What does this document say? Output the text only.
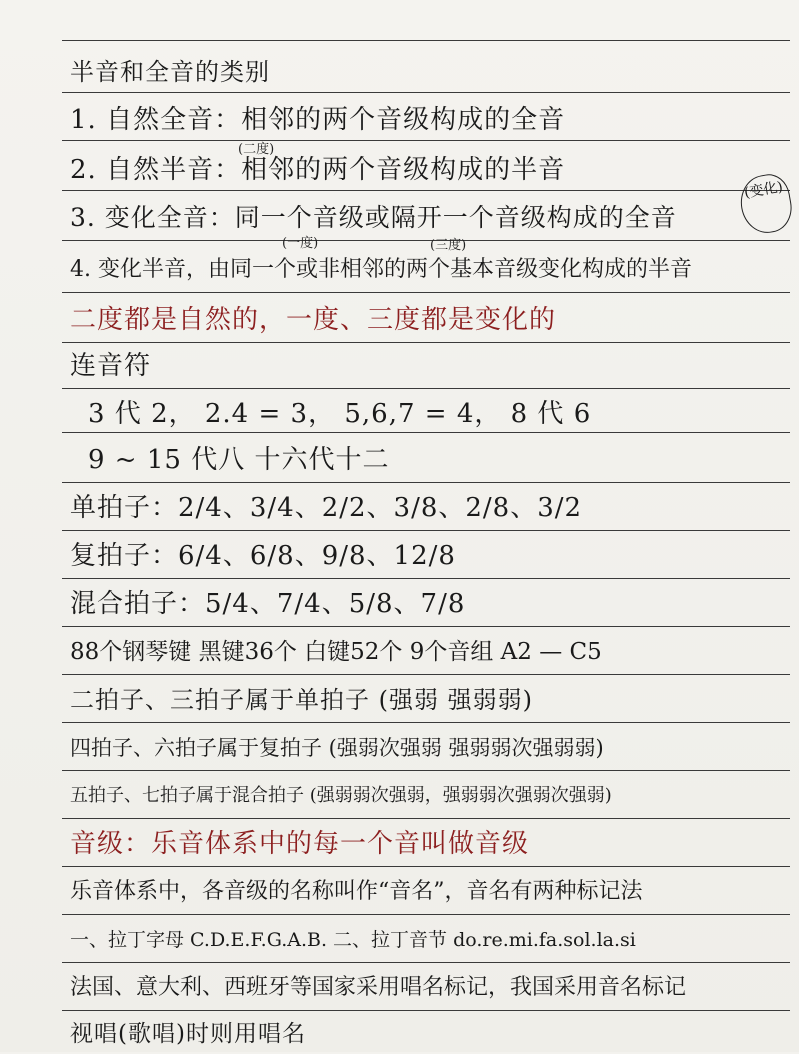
半音和全音的类别
1. 自然全音：相邻的两个音级构成的全音
(二度)
2. 自然半音：相邻的两个音级构成的半音
3. 变化全音：同一个音级或隔开一个音级构成的全音
(变化)
(一度)	(三度)
4. 变化半音，由同一个或非相邻的两个基本音级变化构成的半音
二度都是自然的，一度、三度都是变化的
连音符
3 代 2， 2.4 = 3， 5,6,7 = 4， 8 代 6
9 ~ 15 代八 十六代十二
单拍子：2/4、3/4、2/2、3/8、2/8、3/2
复拍子：6/4、6/8、9/8、12/8
混合拍子：5/4、7/4、5/8、7/8
88个钢琴键 黑键36个 白键52个 9个音组 A2 — C5
二拍子、三拍子属于单拍子 (强弱 强弱弱)
四拍子、六拍子属于复拍子 (强弱次强弱 强弱弱次强弱弱)
五拍子、七拍子属于混合拍子 (强弱弱次强弱，强弱弱次强弱次强弱)
音级：乐音体系中的每一个音叫做音级
乐音体系中，各音级的名称叫作“音名”，音名有两种标记法
一、拉丁字母 C.D.E.F.G.A.B. 二、拉丁音节 do.re.mi.fa.sol.la.si
法国、意大利、西班牙等国家采用唱名标记，我国采用音名标记
视唱(歌唱)时则用唱名
